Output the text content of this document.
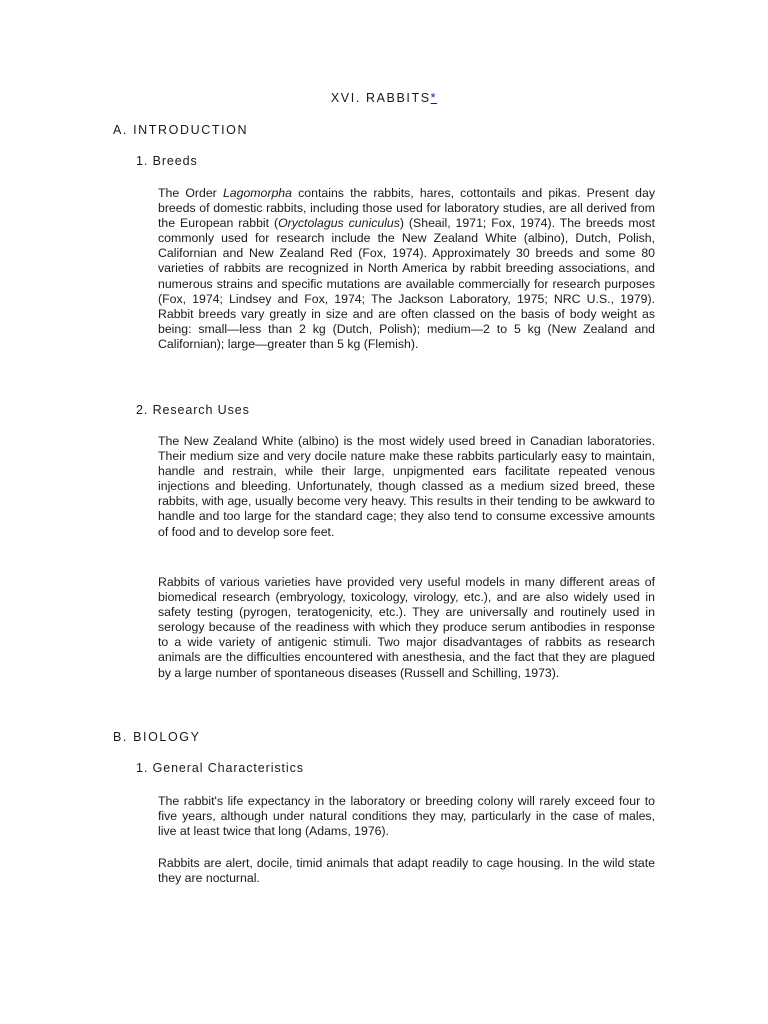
XVI. RABBITS*
A. INTRODUCTION
1. Breeds

The Order Lagomorpha contains the rabbits, hares, cottontails and pikas. Present day breeds of domestic rabbits, including those used for laboratory studies, are all derived from the European rabbit (Oryctolagus cuniculus) (Sheail, 1971; Fox, 1974). The breeds most commonly used for research include the New Zealand White (albino), Dutch, Polish, Californian and New Zealand Red (Fox, 1974). Approximately 30 breeds and some 80 varieties of rabbits are recognized in North America by rabbit breeding associations, and numerous strains and specific mutations are available commercially for research purposes (Fox, 1974; Lindsey and Fox, 1974; The Jackson Laboratory, 1975; NRC U.S., 1979). Rabbit breeds vary greatly in size and are often classed on the basis of body weight as being: small—less than 2 kg (Dutch, Polish); medium—2 to 5 kg (New Zealand and Californian); large—greater than 5 kg (Flemish).

2. Research Uses

The New Zealand White (albino) is the most widely used breed in Canadian laboratories. Their medium size and very docile nature make these rabbits particularly easy to maintain, handle and restrain, while their large, unpigmented ears facilitate repeated venous injections and bleeding. Unfortunately, though classed as a medium sized breed, these rabbits, with age, usually become very heavy. This results in their tending to be awkward to handle and too large for the standard cage; they also tend to consume excessive amounts of food and to develop sore feet.

Rabbits of various varieties have provided very useful models in many different areas of biomedical research (embryology, toxicology, virology, etc.), and are also widely used in safety testing (pyrogen, teratogenicity, etc.). They are universally and routinely used in serology because of the readiness with which they produce serum antibodies in response to a wide variety of antigenic stimuli. Two major disadvantages of rabbits as research animals are the difficulties encountered with anesthesia, and the fact that they are plagued by a large number of spontaneous diseases (Russell and Schilling, 1973).

B. BIOLOGY
1. General Characteristics

The rabbit's life expectancy in the laboratory or breeding colony will rarely exceed four to five years, although under natural conditions they may, particularly in the case of males, live at least twice that long (Adams, 1976).

Rabbits are alert, docile, timid animals that adapt readily to cage housing. In the wild state they are nocturnal.
